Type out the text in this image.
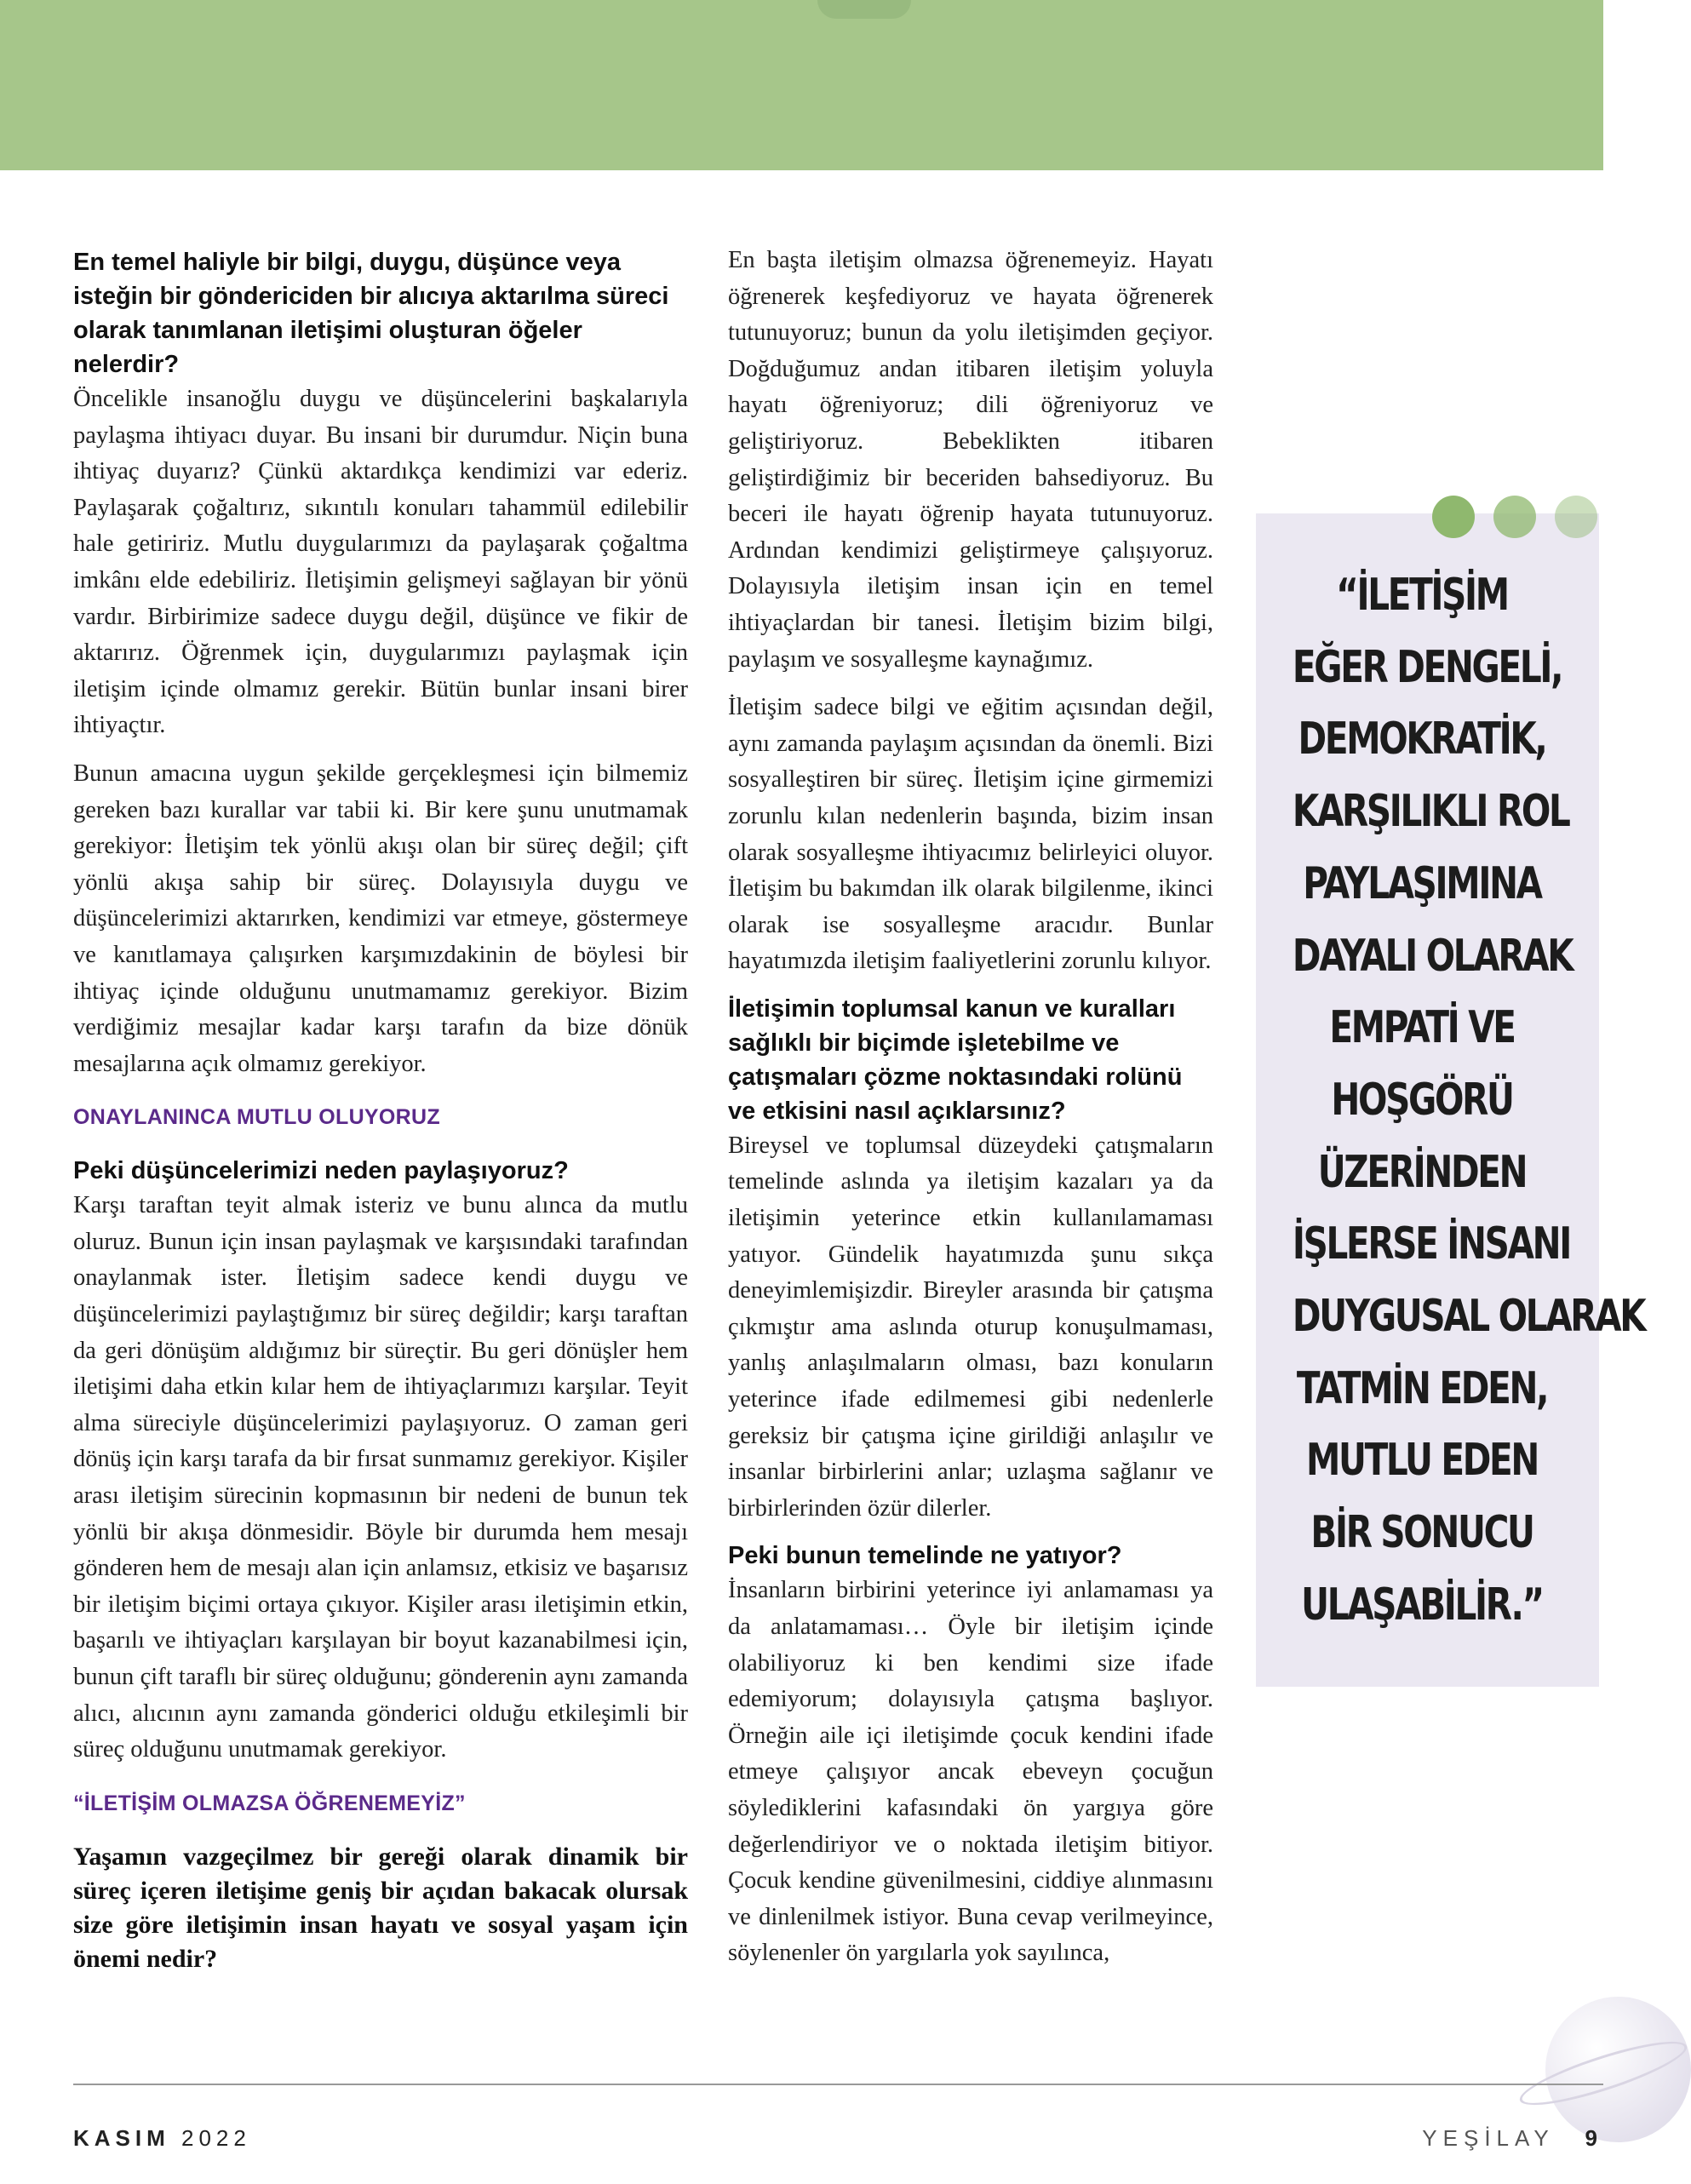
En temel haliyle bir bilgi, duygu, düşünce veya isteğin bir göndericiden bir alıcıya aktarılma süreci olarak tanımlanan iletişimi oluşturan öğeler nelerdir?

Öncelikle insanoğlu duygu ve düşüncelerini başkalarıyla paylaşma ihtiyacı duyar. Bu insani bir durumdur. Niçin buna ihtiyaç duyarız? Çünkü aktardıkça kendimizi var ederiz. Paylaşarak çoğaltırız, sıkıntılı konuları tahammül edilebilir hale getiririz. Mutlu duygularımızı da paylaşarak çoğaltma imkânı elde edebiliriz. İletişimin gelişmeyi sağlayan bir yönü vardır. Birbirimize sadece duygu değil, düşünce ve fikir de aktarırız. Öğrenmek için, duygularımızı paylaşmak için iletişim içinde olmamız gerekir. Bütün bunlar insani birer ihtiyaçtır.

Bunun amacına uygun şekilde gerçekleşmesi için bilmemiz gereken bazı kurallar var tabii ki. Bir kere şunu unutmamak gerekiyor: İletişim tek yönlü akışı olan bir süreç değil; çift yönlü akışa sahip bir süreç. Dolayısıyla duygu ve düşüncelerimizi aktarırken, kendimizi var etmeye, göstermeye ve kanıtlamaya çalışırken karşımızdakinin de böylesi bir ihtiyaç içinde olduğunu unutmamamız gerekiyor. Bizim verdiğimiz mesajlar kadar karşı tarafın da bize dönük mesajlarına açık olmamız gerekiyor.

ONAYLANINCA MUTLU OLUYORUZ
Peki düşüncelerimizi neden paylaşıyoruz?

Karşı taraftan teyit almak isteriz ve bunu alınca da mutlu oluruz. Bunun için insan paylaşmak ve karşısındaki tarafından onaylanmak ister. İletişim sadece kendi duygu ve düşüncelerimizi paylaştığımız bir süreç değildir; karşı taraftan da geri dönüşüm aldığımız bir süreçtir. Bu geri dönüşler hem iletişimi daha etkin kılar hem de ihtiyaçlarımızı karşılar. Teyit alma süreciyle düşüncelerimizi paylaşıyoruz. O zaman geri dönüş için karşı tarafa da bir fırsat sunmamız gerekiyor. Kişiler arası iletişim sürecinin kopmasının bir nedeni de bunun tek yönlü bir akışa dönmesidir. Böyle bir durumda hem mesajı gönderen hem de mesajı alan için anlamsız, etkisiz ve başarısız bir iletişim biçimi ortaya çıkıyor. Kişiler arası iletişimin etkin, başarılı ve ihtiyaçları karşılayan bir boyut kazanabilmesi için, bunun çift taraflı bir süreç olduğunu; gönderenin aynı zamanda alıcı, alıcının aynı zamanda gönderici olduğu etkileşimli bir süreç olduğunu unutmamak gerekiyor.

“İLETİŞİM OLMAZSA ÖĞRENEMEYİZ”
Yaşamın vazgeçilmez bir gereği olarak dinamik bir süreç içeren iletişime geniş bir açıdan bakacak olursak size göre iletişimin insan hayatı ve sosyal yaşam için önemi nedir?

En başta iletişim olmazsa öğrenemeyiz. Hayatı öğrenerek keşfediyoruz ve hayata öğrenerek tutunuyoruz; bunun da yolu iletişimden geçiyor. Doğduğumuz andan itibaren iletişim yoluyla hayatı öğreniyoruz; dili öğreniyoruz ve geliştiriyoruz. Bebeklikten itibaren geliştirdiğimiz bir beceriden bahsediyoruz. Bu beceri ile hayatı öğrenip hayata tutunuyoruz. Ardından kendimizi geliştirmeye çalışıyoruz. Dolayısıyla iletişim insan için en temel ihtiyaçlardan bir tanesi. İletişim bizim bilgi, paylaşım ve sosyalleşme kaynağımız.

İletişim sadece bilgi ve eğitim açısından değil, aynı zamanda paylaşım açısından da önemli. Bizi sosyalleştiren bir süreç. İletişim içine girmemizi zorunlu kılan nedenlerin başında, bizim insan olarak sosyalleşme ihtiyacımız belirleyici oluyor. İletişim bu bakımdan ilk olarak bilgilenme, ikinci olarak ise sosyalleşme aracıdır. Bunlar hayatımızda iletişim faaliyetlerini zorunlu kılıyor.

İletişimin toplumsal kanun ve kuralları sağlıklı bir biçimde işletebilme ve çatışmaları çözme noktasındaki rolünü ve etkisini nasıl açıklarsınız?

Bireysel ve toplumsal düzeydeki çatışmaların temelinde aslında ya iletişim kazaları ya da iletişimin yeterince etkin kullanılamaması yatıyor. Gündelik hayatımızda şunu sıkça deneyimlemişizdir. Bireyler arasında bir çatışma çıkmıştır ama aslında oturup konuşulmaması, yanlış anlaşılmaların olması, bazı konuların yeterince ifade edilmemesi gibi nedenlerle gereksiz bir çatışma içine girildiği anlaşılır ve insanlar birbirlerini anlar; uzlaşma sağlanır ve birbirlerinden özür dilerler.

Peki bunun temelinde ne yatıyor?

İnsanların birbirini yeterince iyi anlamaması ya da anlatamaması… Öyle bir iletişim içinde olabiliyoruz ki ben kendimi size ifade edemiyorum; dolayısıyla çatışma başlıyor. Örneğin aile içi iletişimde çocuk kendini ifade etmeye çalışıyor ancak ebeveyn çocuğun söylediklerini kafasındaki ön yargıya göre değerlendiriyor ve o noktada iletişim bitiyor. Çocuk kendine güvenilmesini, ciddiye alınmasını ve dinlenilmek istiyor. Buna cevap verilmeyince, söylenenler ön yargılarla yok sayılınca,

“İLETİŞİM
EĞER DENGELİ,
DEMOKRATİK,
KARŞILIKLI ROL
PAYLAŞIMINA
DAYALI OLARAK
EMPATİ VE
HOŞGÖRÜ
ÜZERİNDEN
İŞLERSE İNSANI
DUYGUSAL OLARAK
TATMİN EDEN,
MUTLU EDEN
BİR SONUCU
ULAŞABİLİR.”
KASIM 2022	YEŞİLAY 9
